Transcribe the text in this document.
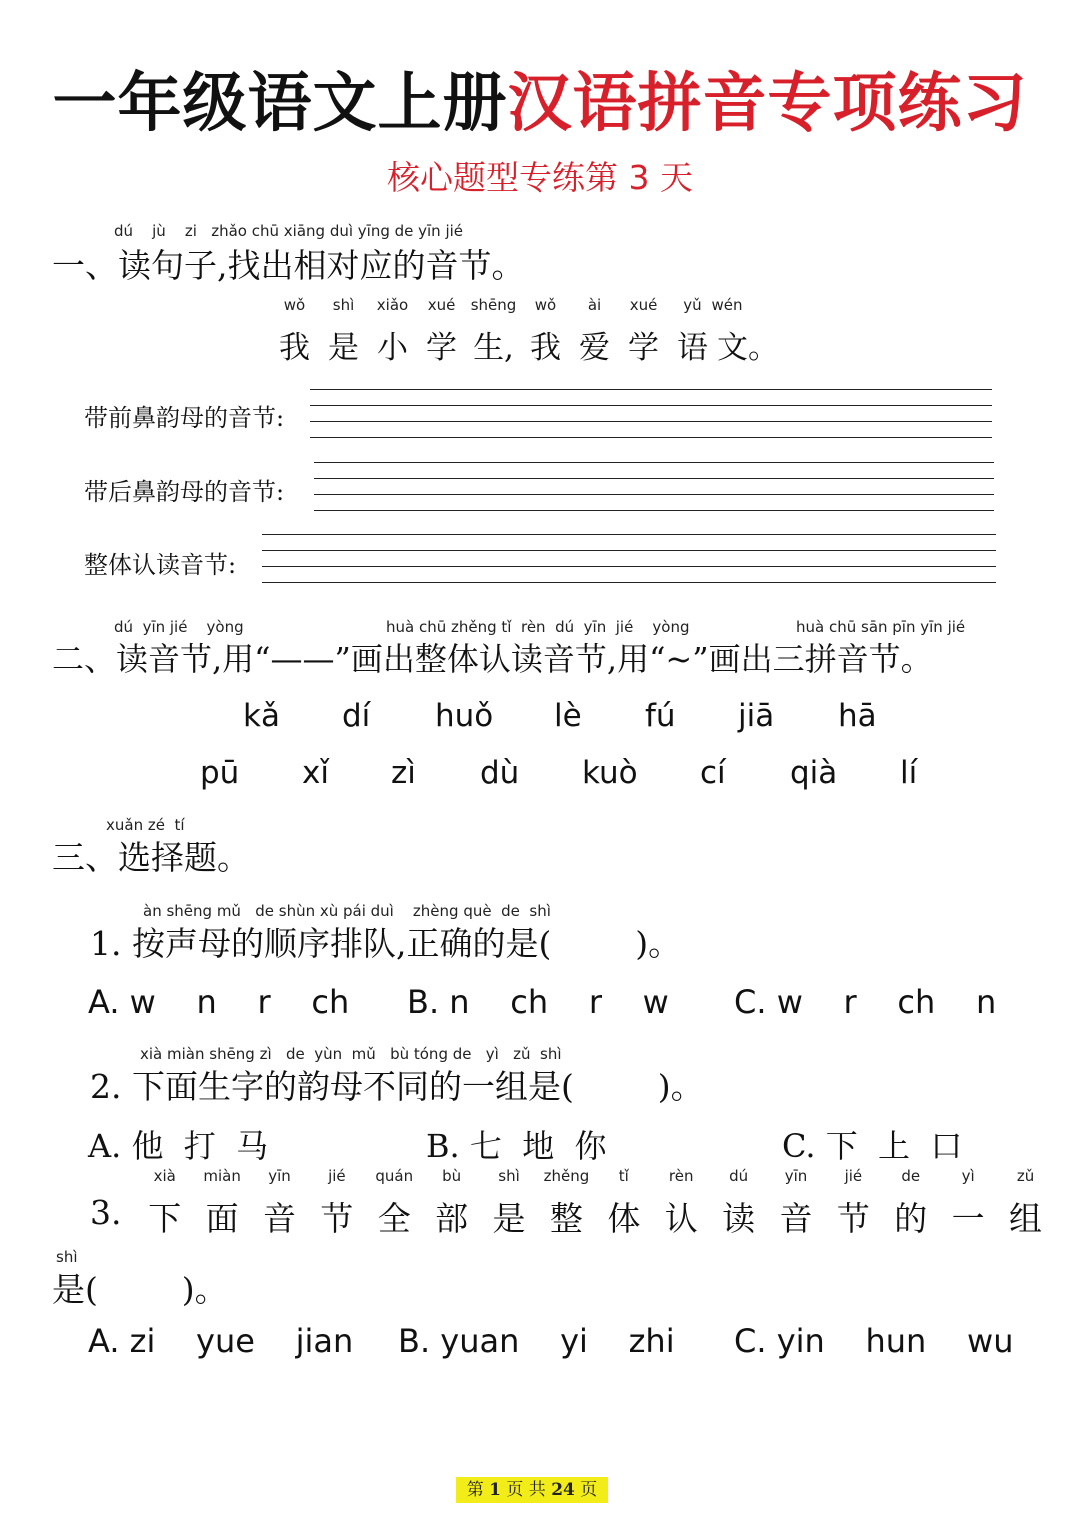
一年级语文上册汉语拼音专项练习
核心题型专练第 3 天
dú jù zi zhǎo chū xiāng duì yīng de yīn jié
一、读句子,找出相对应的音节。
wǒ
我
shì
是
xiǎo
小
xué
学
shēng
生,
wǒ
我
ài
爱
xué
学
yǔ
语
wén
文。
带前鼻韵母的音节:
带后鼻韵母的音节:
整体认读音节:
dú  yīn jié    yòng	huà chū zhěng tǐ  rèn  dú  yīn  jié    yòng	huà chū sān pīn yīn jié
二、读音节,用“——”画出整体认读音节,用“~”画出三拼音节。
kǎ dí huǒ lè fú jiā hā
pū xǐ zì dù kuò cí qià lí
xuǎn zé  tí
三、选择题。
àn shēng mǔ   de shùn xù pái duì    zhèng què  de  shì
1. 按声母的顺序排队,正确的是(        )。
A. w    n    r    ch B. n    ch    r    w C. w    r    ch    n
xià miàn shēng zì   de  yùn  mǔ   bù tóng de   yì   zǔ  shì
2. 下面生字的韵母不同的一组是(        )。
A. 他  打  马	B. 七  地  你	C. 下  上  口
3.
xià
下
miàn
面
yīn
音
jié
节
quán
全
bù
部
shì
是
zhěng
整
tǐ
体
rèn
认
dú
读
yīn
音
jié
节
de
的
yì
一
zǔ
组
shì
是(        )。
A. zi    yue    jian B. yuan    yi    zhi C. yin    hun    wu
第 1 页 共 24 页
